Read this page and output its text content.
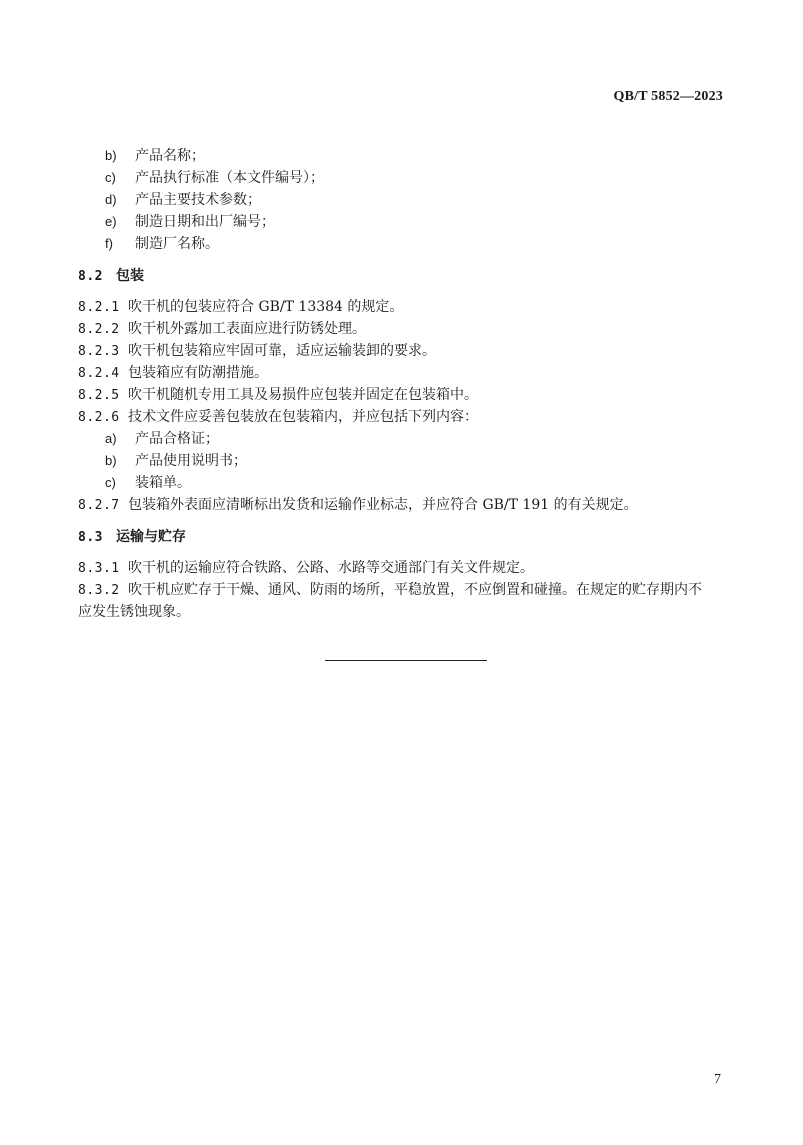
QB/T 5852—2023
b) 产品名称；
c) 产品执行标准（本文件编号）；
d) 产品主要技术参数；
e) 制造日期和出厂编号；
f) 制造厂名称。
8.2 包装
8.2.1 吹干机的包装应符合 GB/T 13384 的规定。
8.2.2 吹干机外露加工表面应进行防锈处理。
8.2.3 吹干机包装箱应牢固可靠，适应运输装卸的要求。
8.2.4 包装箱应有防潮措施。
8.2.5 吹干机随机专用工具及易损件应包装并固定在包装箱中。
8.2.6 技术文件应妥善包装放在包装箱内，并应包括下列内容：
a) 产品合格证；
b) 产品使用说明书；
c) 装箱单。
8.2.7 包装箱外表面应清晰标出发货和运输作业标志，并应符合 GB/T 191 的有关规定。
8.3 运输与贮存
8.3.1 吹干机的运输应符合铁路、公路、水路等交通部门有关文件规定。
8.3.2 吹干机应贮存于干燥、通风、防雨的场所，平稳放置，不应倒置和碰撞。在规定的贮存期内不
应发生锈蚀现象。
7
